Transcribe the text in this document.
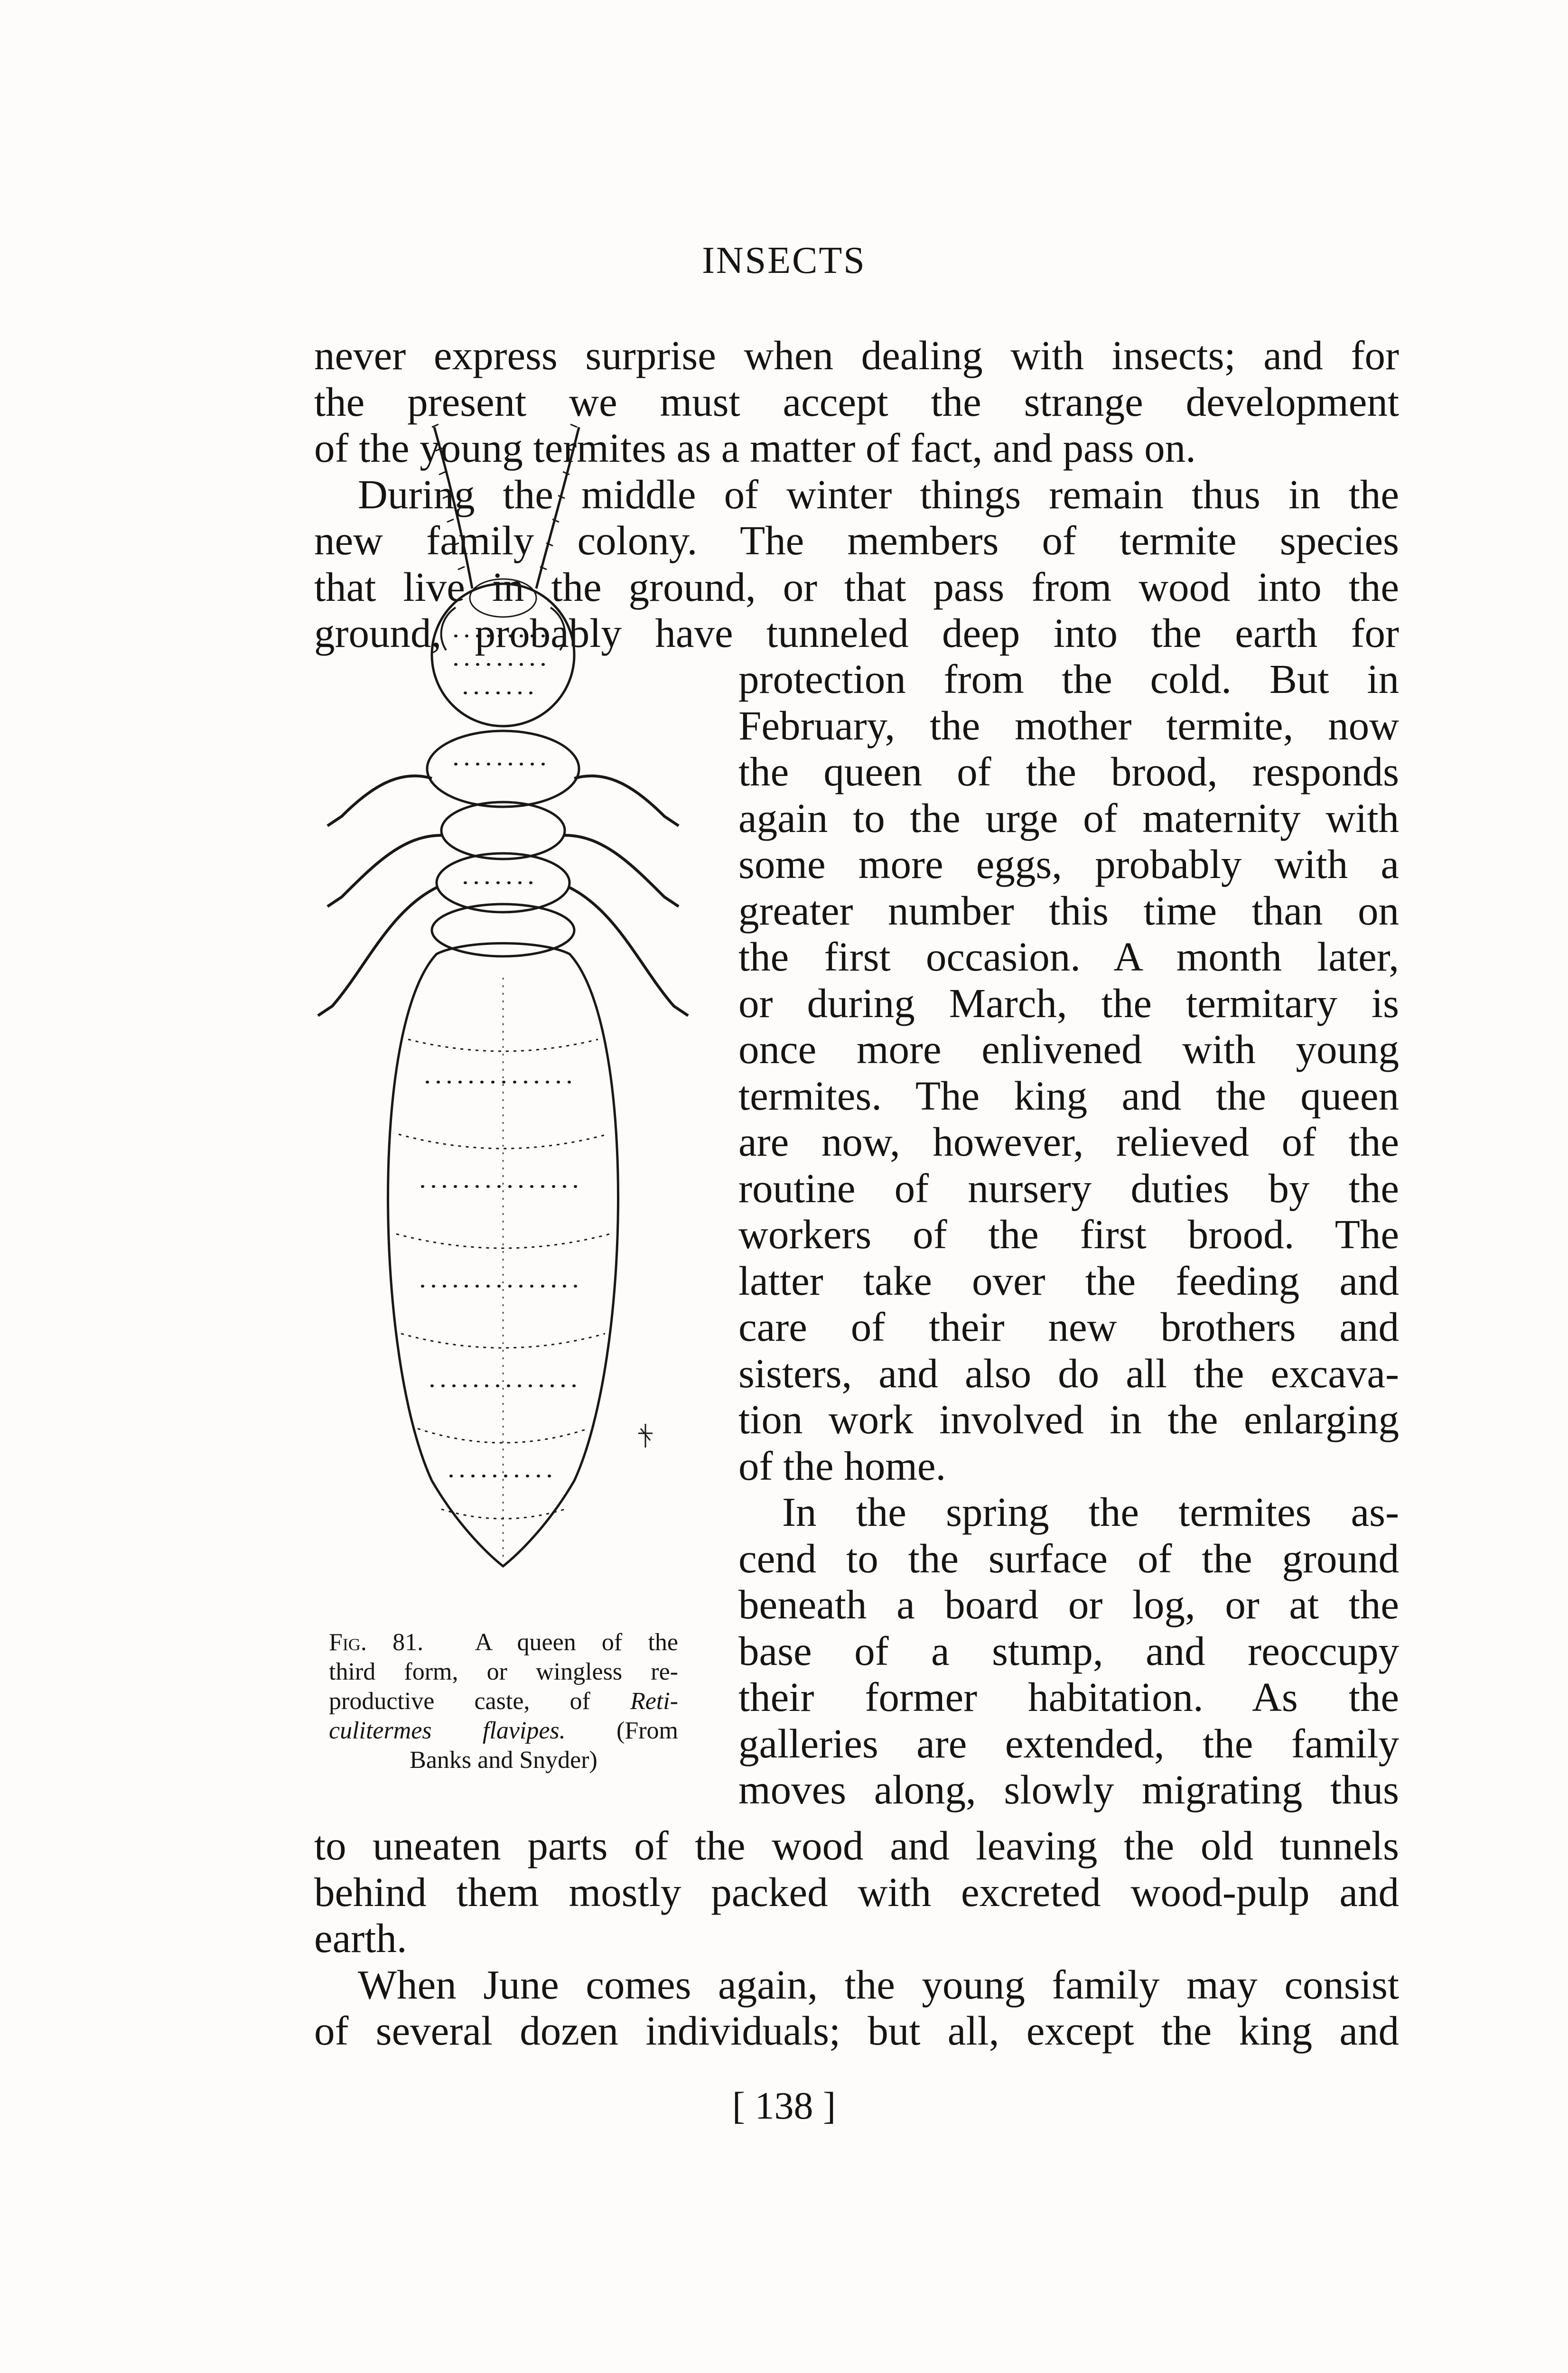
INSECTS
never express surprise when dealing with insects; and for
the present we must accept the strange development
of the young termites as a matter of fact, and pass on.
During the middle of winter things remain thus in the
new family colony. The members of termite species
that live in the ground, or that pass from wood into the
ground, probably have tunneled deep into the earth for
protection from the cold. But in
February, the mother termite, now
the queen of the brood, responds
again to the urge of maternity with
some more eggs, probably with a
greater number this time than on
the first occasion. A month later,
or during March, the termitary is
once more enlivened with young
termites. The king and the queen
are now, however, relieved of the
routine of nursery duties by the
workers of the first brood. The
latter take over the feeding and
care of their new brothers and
sisters, and also do all the excava-
tion work involved in the enlarging
of the home.
In the spring the termites as-
cend to the surface of the ground
beneath a board or log, or at the
base of a stump, and reoccupy
their former habitation. As the
galleries are extended, the family
moves along, slowly migrating thus
Fig. 81. A queen of the
third form, or wingless re-
productive caste, of Reti-
culitermes flavipes. (From
Banks and Snyder)
to uneaten parts of the wood and leaving the old tunnels
behind them mostly packed with excreted wood-pulp and
earth.
When June comes again, the young family may consist
of several dozen individuals; but all, except the king and
[ 138 ]
